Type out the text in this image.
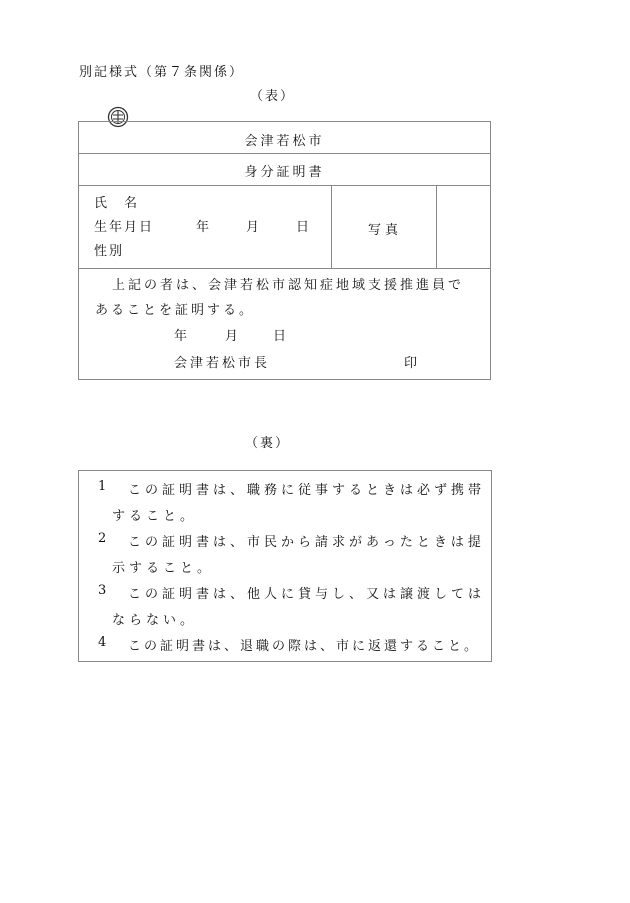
別記様式（第７条関係）
（表）
会津若松市
身分証明書
氏　名
生年月日	年	月	日
性別
写真
上記の者は、会津若松市認知症地域支援推進員で
あることを証明する。
年	月	日
会津若松市長	印
（裏）
1 この証明書は、職務に従事するときは必ず携帯
すること。
2 この証明書は、市民から請求があったときは提
示すること。
3 この証明書は、他人に貸与し、又は譲渡しては
ならない。
4 この証明書は、退職の際は、市に返還すること。
